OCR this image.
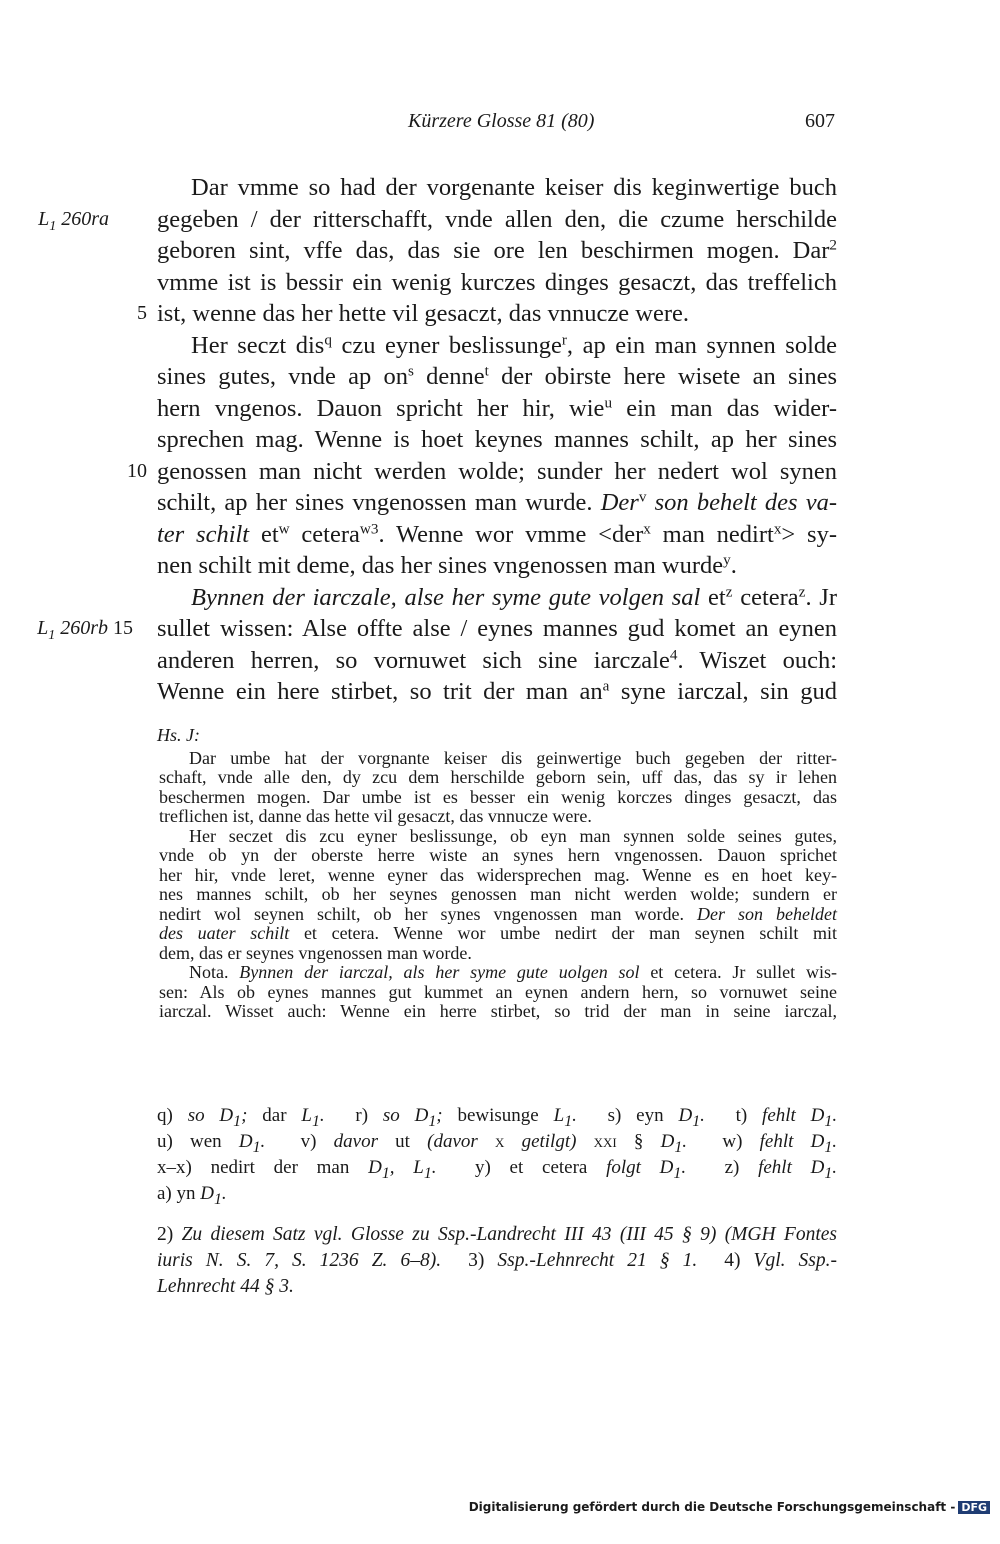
Kürzere Glosse 81 (80)	607
Dar vmme so had der vorgenante keiser dis keginwertige buch
$L_1$ 260ra gegeben / der ritterschafft, vnde allen den, die czume herschilde
geboren sint, vffe das, das sie ore len beschirmen mogen. Dar$^2$
vmme ist is bessir ein wenig kurczes dinges gesaczt, das treffelich
5 ist, wenne das her hette vil gesaczt, das vnnucze were.
Her seczt dis$^q$ czu eyner beslissunge$^r$, ap ein man synnen solde
sines gutes, vnde ap $on^s$ denne$^t$ der obirste here wisete an sines
hern vngenos. Dauon spricht her hir, wie$^u$ ein man das wider-
sprechen mag. Wenne is hoet keynes mannes schilt, ap her sines
10 genossen man nicht werden wolde; sunder her nedert wol synen
schilt, ap her sines vngenossen man wurde. Der$^v$ son behelt des va-
ter schilt $et^w$ cetera$^{w3}$. Wenne wor vmme <der$^x$ man nedirt$^x$> sy-
nen schilt mit deme, das her sines vngenossen man wurde$^y$.
Bynnen der iarczale, alse her syme gute volgen sal $et^z$ cetera$^z$. Jr
$L_1$ 260rb 15 sullet wissen: Alse offte alse / eynes mannes gud komet an eynen
anderen herren, so vornuwet sich sine iarczale$^4$. Wiszet ouch:
Wenne ein here stirbet, so trit der man $an^a$ syne iarczal, sin gud
Hs. J:
Dar umbe hat der vorgnante keiser dis geinwertige buch gegeben der ritter-
schaft, vnde alle den, dy zcu dem herschilde geborn sein, uff das, das sy ir lehen
beschermen mogen. Dar umbe ist es besser ein wenig korczes dinges gesaczt, das
treflichen ist, danne das hette vil gesaczt, das vnnucze were.
Her seczet dis zcu eyner beslissunge, ob eyn man synnen solde seines gutes,
vnde ob yn der oberste herre wiste an synes hern vngenossen. Dauon sprichet
her hir, vnde leret, wenne eyner das widersprechen mag. Wenne es en hoet key-
nes mannes schilt, ob her seynes genossen man nicht werden wolde; sundern er
nedirt wol seynen schilt, ob her synes vngenossen man worde. Der son beheldet
des uater schilt et cetera. Wenne wor umbe nedirt der man seynen schilt mit
dem, das er seynes vngenossen man worde.
Nota. Bynnen der iarczal, als her syme gute uolgen sol et cetera. Jr sullet wis-
sen: Als ob eynes mannes gut kummet an eynen andern hern, so vornuwet seine
iarczal. Wisset auch: Wenne ein herre stirbet, so trid der man in seine iarczal,
q) so $D_1$; dar $L_1$.  r) so $D_1$; bewisunge $L_1$.  s) eyn $D_1$.  t) fehlt $D_1$.
u) wen $D_1$.  v) davor ut (davor x getilgt) xxi § $D_1$.  w) fehlt $D_1$.
x–x) nedirt der man $D_1$, $L_1$.  y) et cetera folgt $D_1$.  z) fehlt $D_1$.
a) yn $D_1$.
2) Zu diesem Satz vgl. Glosse zu Ssp.-Landrecht III 43 (III 45 § 9) (MGH Fontes
iuris N. S. 7, S. 1236 Z. 6–8).  3) Ssp.-Lehnrecht 21 § 1.  4) Vgl. Ssp.-
Lehnrecht 44 § 3.
Digitalisierung gefördert durch die Deutsche Forschungsgemeinschaft - DFG
